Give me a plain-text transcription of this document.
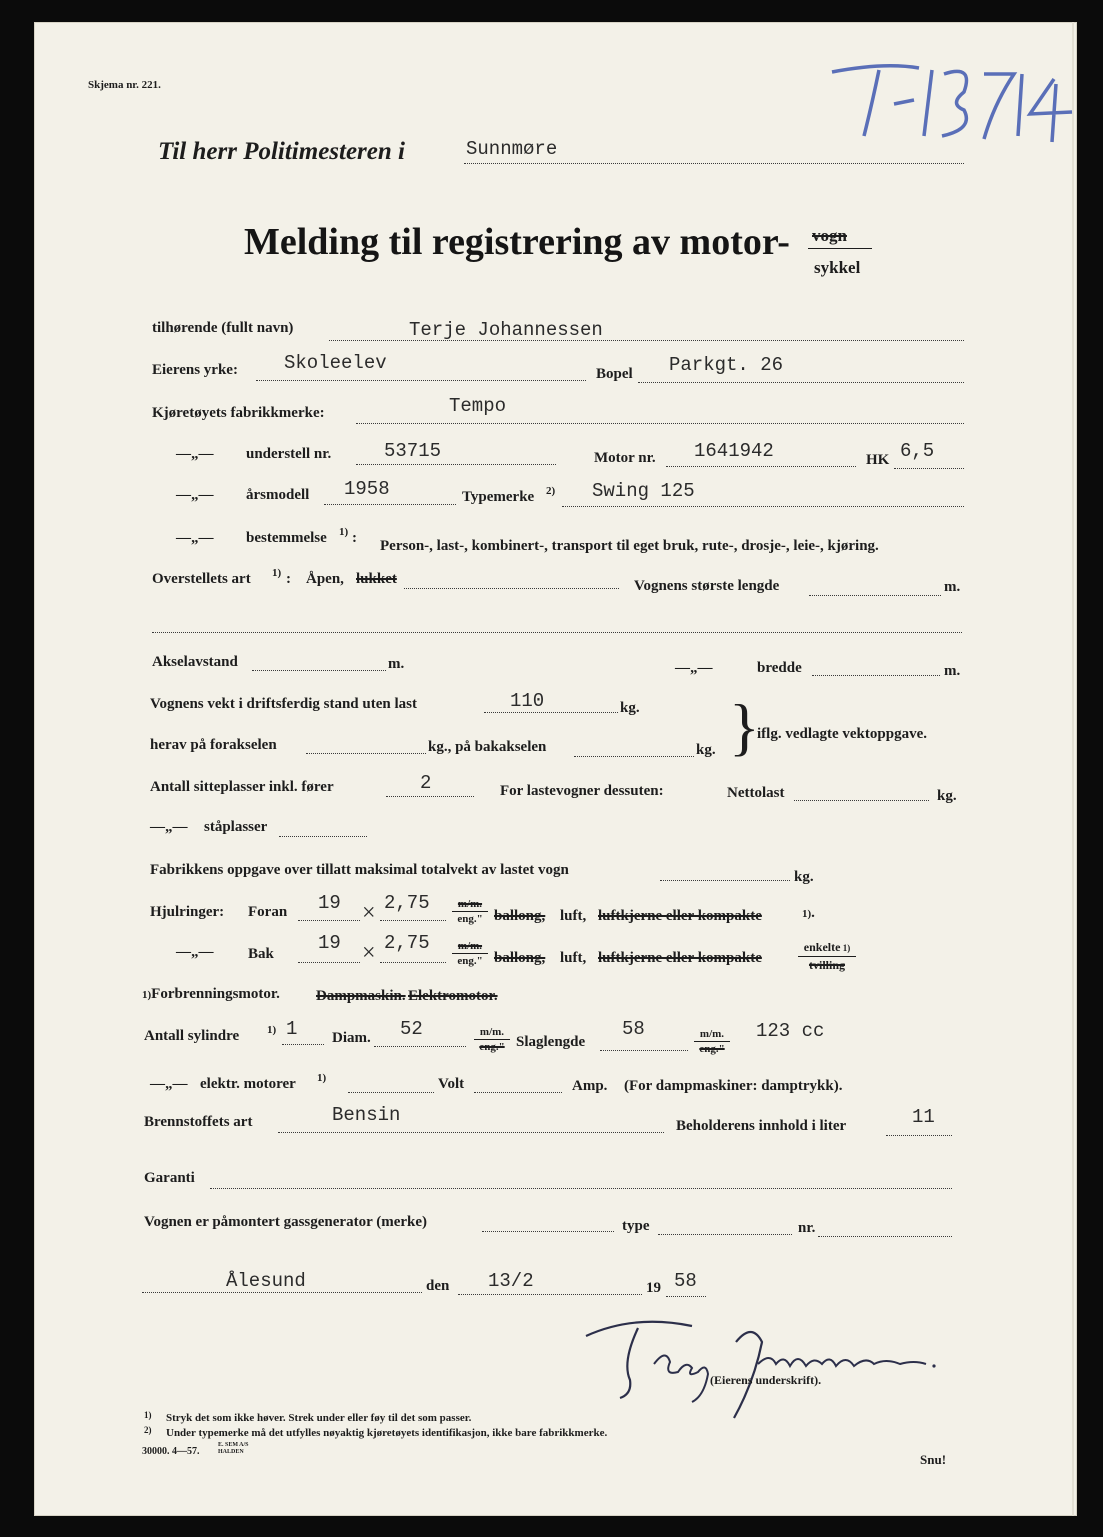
Skjema nr. 221.
T-13714
Til herr Politimesteren i	Sunnmøre
Melding til registrering av motor- vogn
sykkel
tilhørende (fullt navn)	Terje Johannessen
Eierens yrke: Skoleelev	Bopel Parkgt. 26
Kjøretøyets fabrikkmerke:	Tempo
—„— understell nr.	53715	Motor nr. 1641942	HK 6,5
—„— årsmodell 1958	Typemerke 2) Swing 125
—„— bestemmelse 1) : Person-, last-, kombinert-, transport til eget bruk, rute-, drosje-, leie-, kjøring.
Overstellets art 1) : Åpen, lukket	Vognens største lengde	m.
Akselavstand	m.	—„—	bredde	m.
Vognens vekt i driftsferdig stand uten last	110	kg.
herav på forakselen	kg., på bakakselen	kg. }
iflg. vedlagte vektoppgave.
Antall sitteplasser inkl. fører	2	For lastevogner dessuten:	Nettolast	kg.
—„— ståplasser
Fabrikkens oppgave over tillatt maksimal totalvekt av lastet vogn	kg.
Hjulringer: Foran 19 × 2,75	m/m.
eng." ballong, luft, luftkjerne eller kompakte	1).
—„— Bak 19 × 2,75	m/m.
eng." ballong, luft, luftkjerne eller kompakte
enkelte 1)
tvilling
1)Forbrenningsmotor. Dampmaskin. Elektromotor.
Antall sylindre	1) 1 Diam. 52	m/m.
eng." Slaglengde
58	m/m.
eng."
123 cc
—„— elektr. motorer 1)	Volt	Amp. (For dampmaskiner: damptrykk).
Brennstoffets art	Bensin	Beholderens innhold i liter	11
Garanti
Vognen er påmontert gassgenerator (merke)	type	nr.
Ålesund	den 13/2	19 58
Terje Johannessen
(Eierens underskrift).
1) Stryk det som ikke høver. Strek under eller føy til det som passer.
2) Under typemerke må det utfylles nøyaktig kjøretøyets identifikasjon, ikke bare fabrikkmerke.
30000. 4—57.
E. SEM A/S HALDEN	Snu!
